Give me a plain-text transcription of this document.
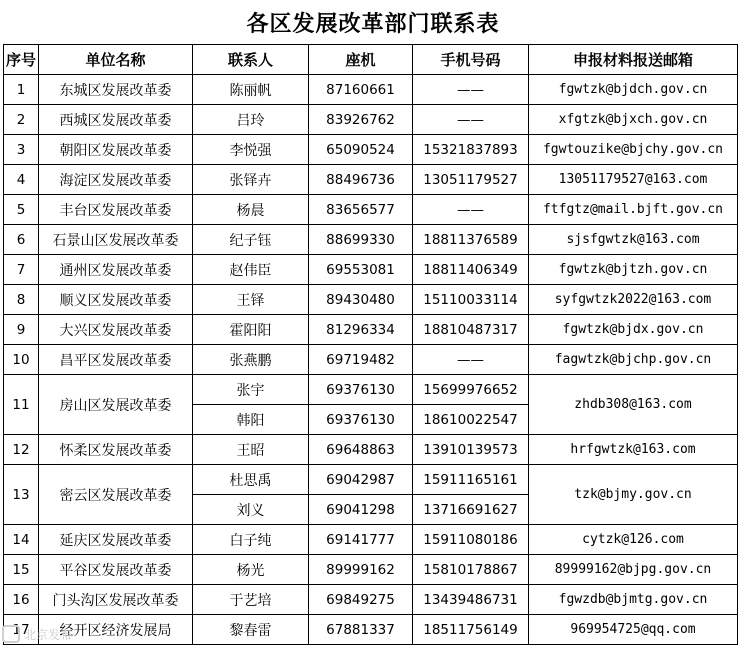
各区发展改革部门联系表
序号	单位名称	联系人	座机	手机号码	申报材料报送邮箱
1	东城区发展改革委	陈丽帆	87160661	——	fgwtzk@bjdch.gov.cn
2	西城区发展改革委	吕玲	83926762	——	xfgtzk@bjxch.gov.cn
3	朝阳区发展改革委	李悦强	65090524	15321837893	fgwtouzike@bjchy.gov.cn
4	海淀区发展改革委	张铎卉	88496736	13051179527	13051179527@163.com
5	丰台区发展改革委	杨晨	83656577	——	ftfgtz@mail.bjft.gov.cn
6	石景山区发展改革委	纪子钰	88699330	18811376589	sjsfgwtzk@163.com
7	通州区发展改革委	赵伟臣	69553081	18811406349	fgwtzk@bjtzh.gov.cn
8	顺义区发展改革委	王铎	89430480	15110033114	syfgwtzk2022@163.com
9	大兴区发展改革委	霍阳阳	81296334	18810487317	fgwtzk@bjdx.gov.cn
10	昌平区发展改革委	张燕鹏	69719482	——	fagwtzk@bjchp.gov.cn
11	房山区发展改革委	张宇	69376130	15699976652	zhdb308@163.com
		韩阳	69376130	18610022547	
12	怀柔区发展改革委	王昭	69648863	13910139573	hrfgwtzk@163.com
13	密云区发展改革委	杜思禹	69042987	15911165161	tzk@bjmy.gov.cn
		刘义	69041298	13716691627	
14	延庆区发展改革委	白子纯	69141777	15911080186	cytzk@126.com
15	平谷区发展改革委	杨光	89999162	15810178867	89999162@bjpg.gov.cn
16	门头沟区发展改革委	于艺培	69849275	13439486731	fgwzdb@bjmtg.gov.cn
17	经开区经济发展局	黎春雷	67881337	18511756149	969954725@qq.com
北京发布
